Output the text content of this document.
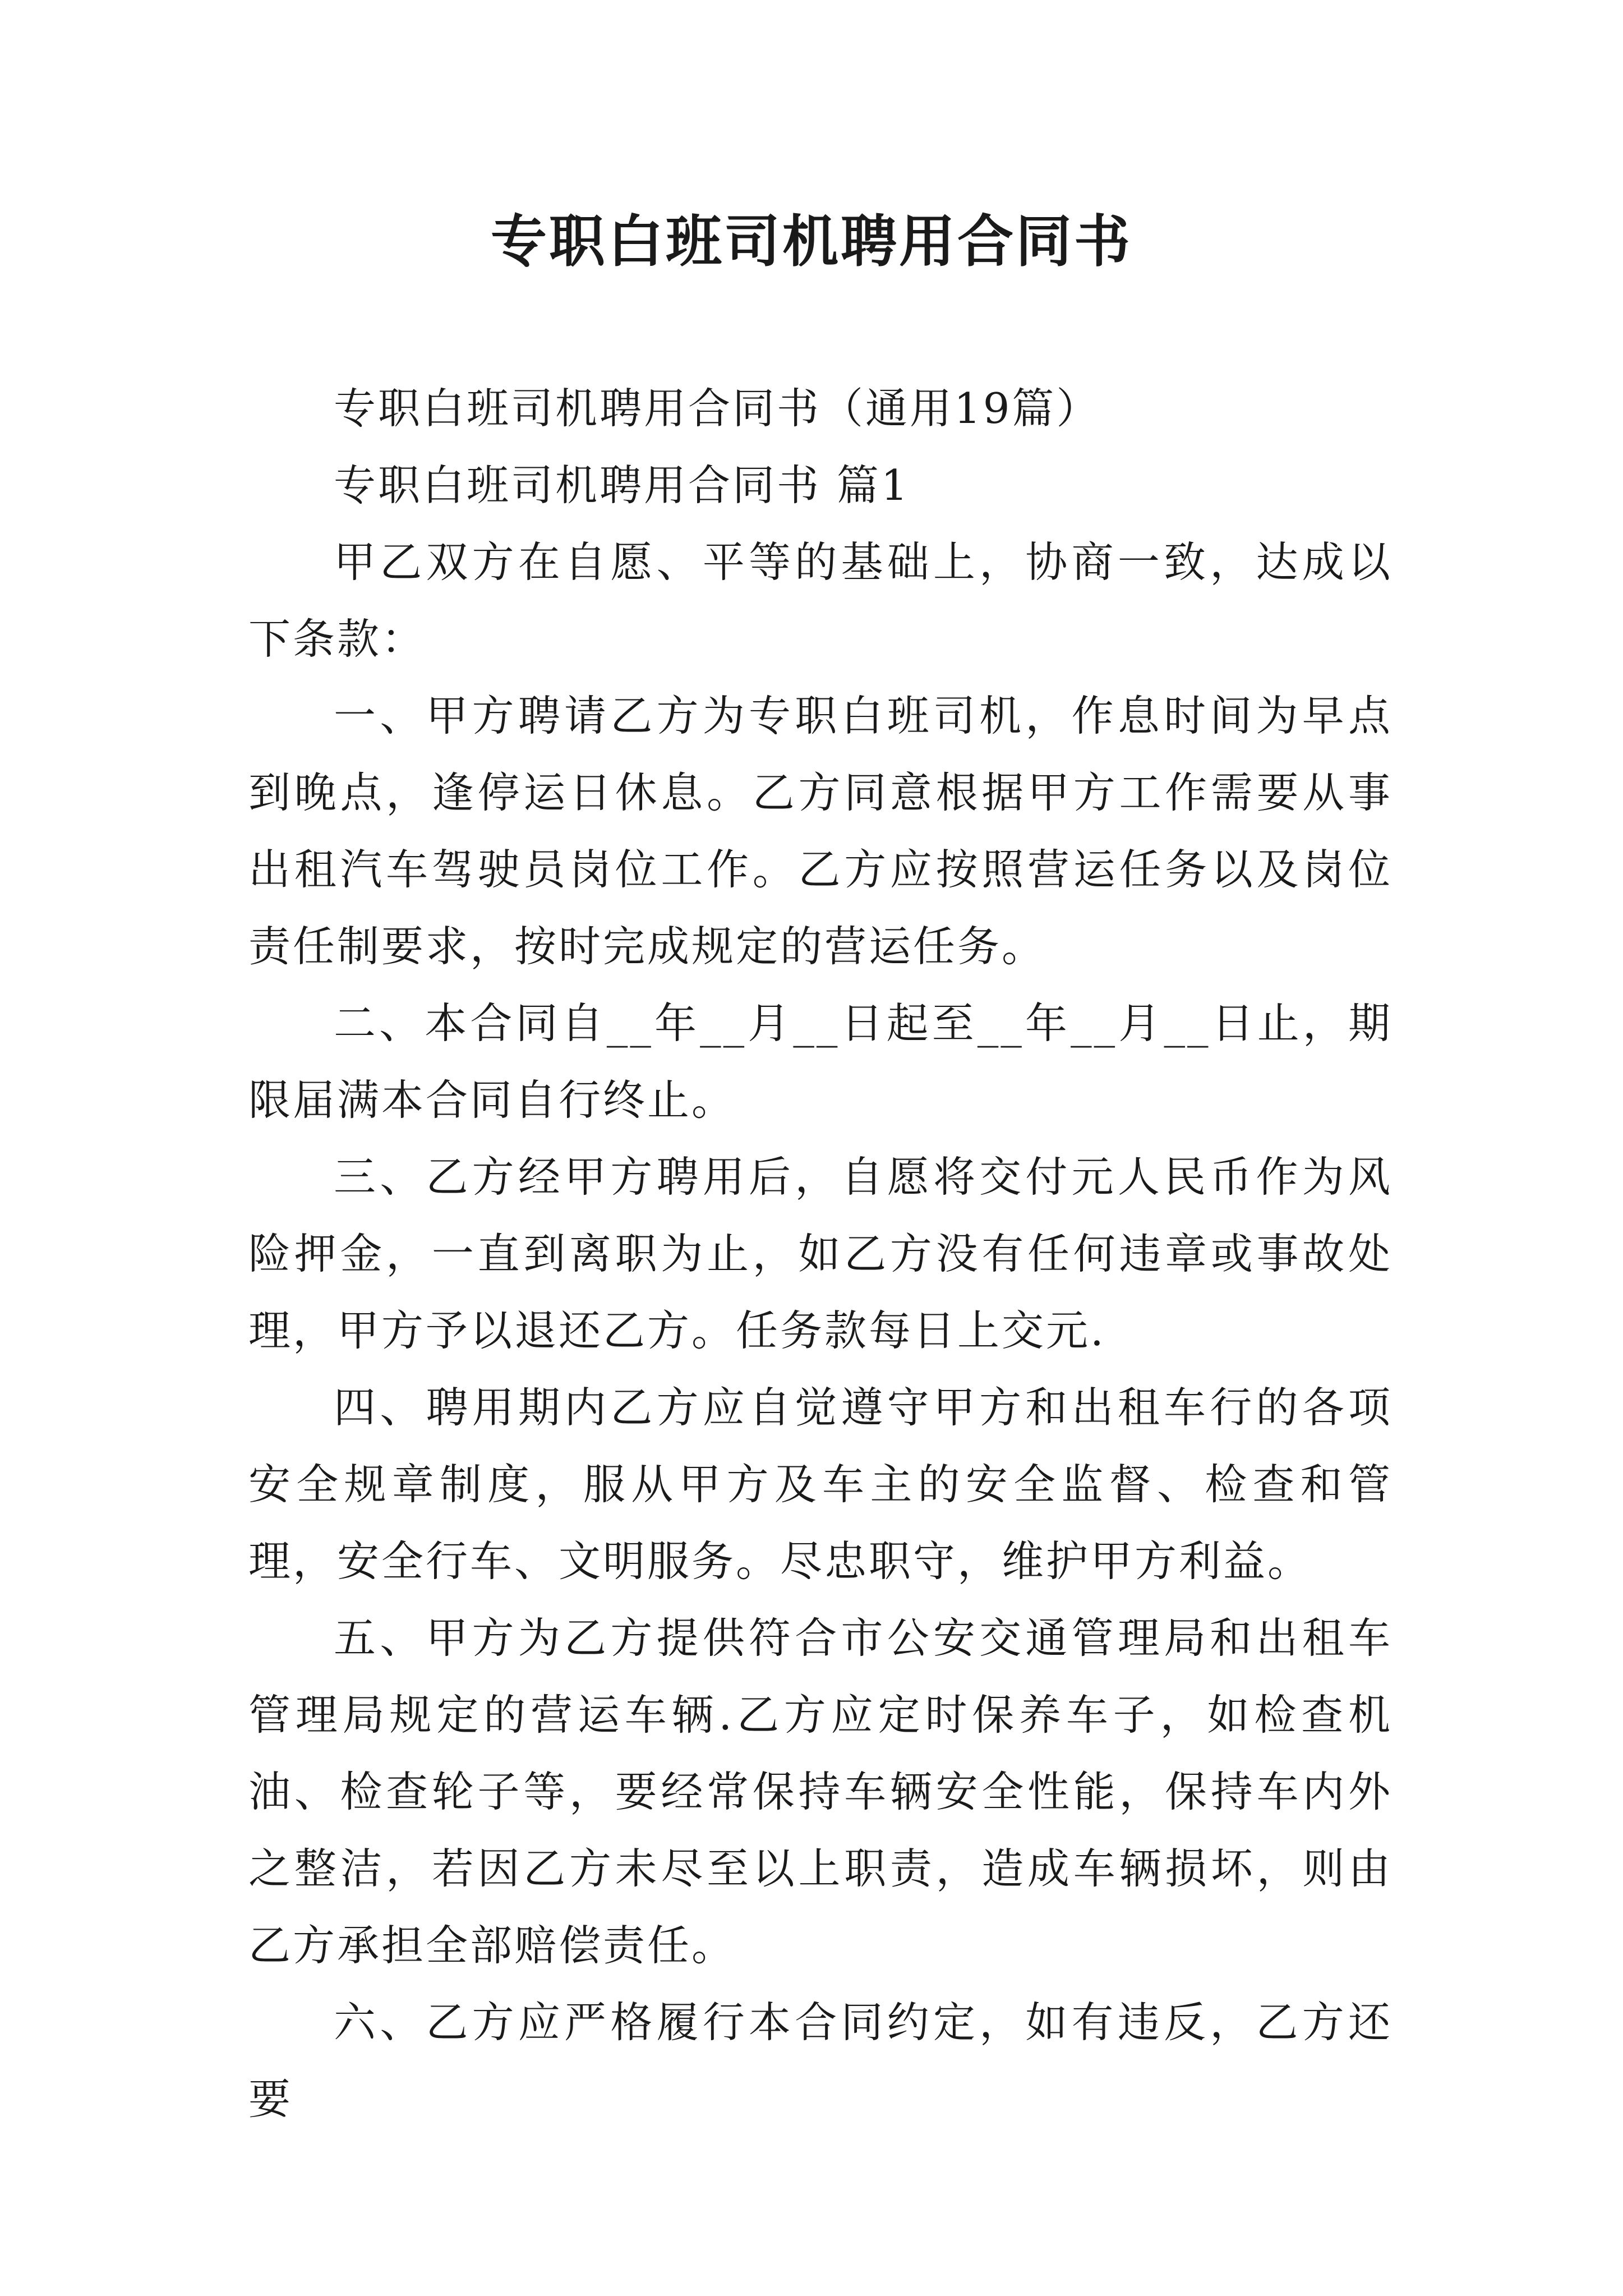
专职白班司机聘用合同书

专职白班司机聘用合同书（通用19篇）

专职白班司机聘用合同书 篇1

甲乙双方在自愿、平等的基础上，协商一致，达成以下条款：

一、甲方聘请乙方为专职白班司机，作息时间为早点到晚点，逢停运日休息。乙方同意根据甲方工作需要从事出租汽车驾驶员岗位工作。乙方应按照营运任务以及岗位责任制要求，按时完成规定的营运任务。

二、本合同自__年__月__日起至__年__月__日止，期限届满本合同自行终止。

三、乙方经甲方聘用后，自愿将交付元人民币作为风险押金，一直到离职为止，如乙方没有任何违章或事故处理，甲方予以退还乙方。任务款每日上交元.

四、聘用期内乙方应自觉遵守甲方和出租车行的各项安全规章制度，服从甲方及车主的安全监督、检查和管理，安全行车、文明服务。尽忠职守，维护甲方利益。

五、甲方为乙方提供符合市公安交通管理局和出租车管理局规定的营运车辆.乙方应定时保养车子，如检查机油、检查轮子等，要经常保持车辆安全性能，保持车内外之整洁，若因乙方未尽至以上职责，造成车辆损坏，则由乙方承担全部赔偿责任。

六、乙方应严格履行本合同约定，如有违反，乙方还要
